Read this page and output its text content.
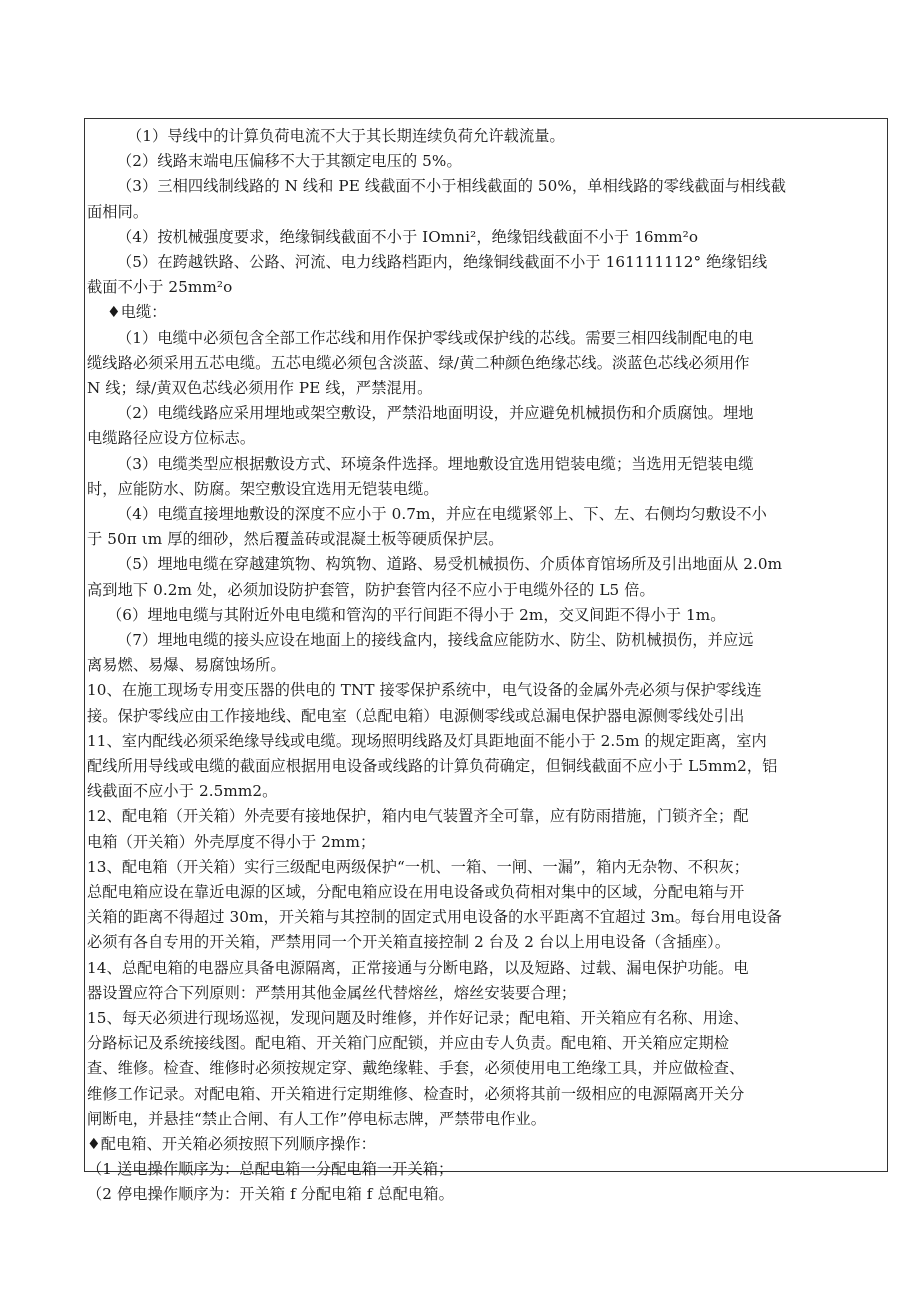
（1）导线中的计算负荷电流不大于其长期连续负荷允许载流量。

（2）线路末端电压偏移不大于其额定电压的 5%。

（3）三相四线制线路的 N 线和 PE 线截面不小于相线截面的 50%，单相线路的零线截面与相线截

面相同。

（4）按机械强度要求，绝缘铜线截面不小于 IOmni²，绝缘铝线截面不小于 16mm²o

（5）在跨越铁路、公路、河流、电力线路档距内，绝缘铜线截面不小于 161111112° 绝缘铝线

截面不小于 25mm²o

♦电缆：

（1）电缆中必须包含全部工作芯线和用作保护零线或保护线的芯线。需要三相四线制配电的电

缆线路必须采用五芯电缆。五芯电缆必须包含淡蓝、绿/黄二种颜色绝缘芯线。淡蓝色芯线必须用作

N 线；绿/黄双色芯线必须用作 PE 线，严禁混用。

（2）电缆线路应采用埋地或架空敷设，严禁沿地面明设，并应避免机械损伤和介质腐蚀。埋地

电缆路径应设方位标志。

（3）电缆类型应根据敷设方式、环境条件选择。埋地敷设宜选用铠装电缆；当选用无铠装电缆

时，应能防水、防腐。架空敷设宜选用无铠装电缆。

（4）电缆直接埋地敷设的深度不应小于 0.7m，并应在电缆紧邻上、下、左、右侧均匀敷设不小

于 50π ιm 厚的细砂，然后覆盖砖或混凝土板等硬质保护层。

（5）埋地电缆在穿越建筑物、构筑物、道路、易受机械损伤、介质体育馆场所及引出地面从 2.0m

高到地下 0.2m 处，必须加设防护套管，防护套管内径不应小于电缆外径的 L5 倍。

（6）埋地电缆与其附近外电电缆和管沟的平行间距不得小于 2m，交叉间距不得小于 1m。

（7）埋地电缆的接头应设在地面上的接线盒内，接线盒应能防水、防尘、防机械损伤，并应远

离易燃、易爆、易腐蚀场所。

10、在施工现场专用变压器的供电的 TNT 接零保护系统中，电气设备的金属外壳必须与保护零线连

接。保护零线应由工作接地线、配电室（总配电箱）电源侧零线或总漏电保护器电源侧零线处引出

11、室内配线必须采绝缘导线或电缆。现场照明线路及灯具距地面不能小于 2.5m 的规定距离，室内

配线所用导线或电缆的截面应根据用电设备或线路的计算负荷确定，但铜线截面不应小于 L5mm2，铝

线截面不应小于 2.5mm2。

12、配电箱（开关箱）外壳要有接地保护，箱内电气装置齐全可靠，应有防雨措施，门锁齐全；配

电箱（开关箱）外壳厚度不得小于 2mm；

13、配电箱（开关箱）实行三级配电两级保护“一机、一箱、一闸、一漏”，箱内无杂物、不积灰；

总配电箱应设在靠近电源的区域，分配电箱应设在用电设备或负荷相对集中的区域，分配电箱与开

关箱的距离不得超过 30m，开关箱与其控制的固定式用电设备的水平距离不宜超过 3m。每台用电设备

必须有各自专用的开关箱，严禁用同一个开关箱直接控制 2 台及 2 台以上用电设备（含插座）。

14、总配电箱的电器应具备电源隔离，正常接通与分断电路，以及短路、过载、漏电保护功能。电

器设置应符合下列原则：严禁用其他金属丝代替熔丝，熔丝安装要合理；

15、每天必须进行现场巡视，发现问题及时维修，并作好记录；配电箱、开关箱应有名称、用途、

分路标记及系统接线图。配电箱、开关箱门应配锁，并应由专人负责。配电箱、开关箱应定期检

查、维修。检查、维修时必须按规定穿、戴绝缘鞋、手套，必须使用电工绝缘工具，并应做检查、

维修工作记录。对配电箱、开关箱进行定期维修、检查时，必须将其前一级相应的电源隔离开关分

闸断电，并悬挂“禁止合闸、有人工作”停电标志牌，严禁带电作业。

♦配电箱、开关箱必须按照下列顺序操作：

（1 送电操作顺序为：总配电箱一分配电箱一开关箱；

（2 停电操作顺序为：开关箱 f 分配电箱 f 总配电箱。
